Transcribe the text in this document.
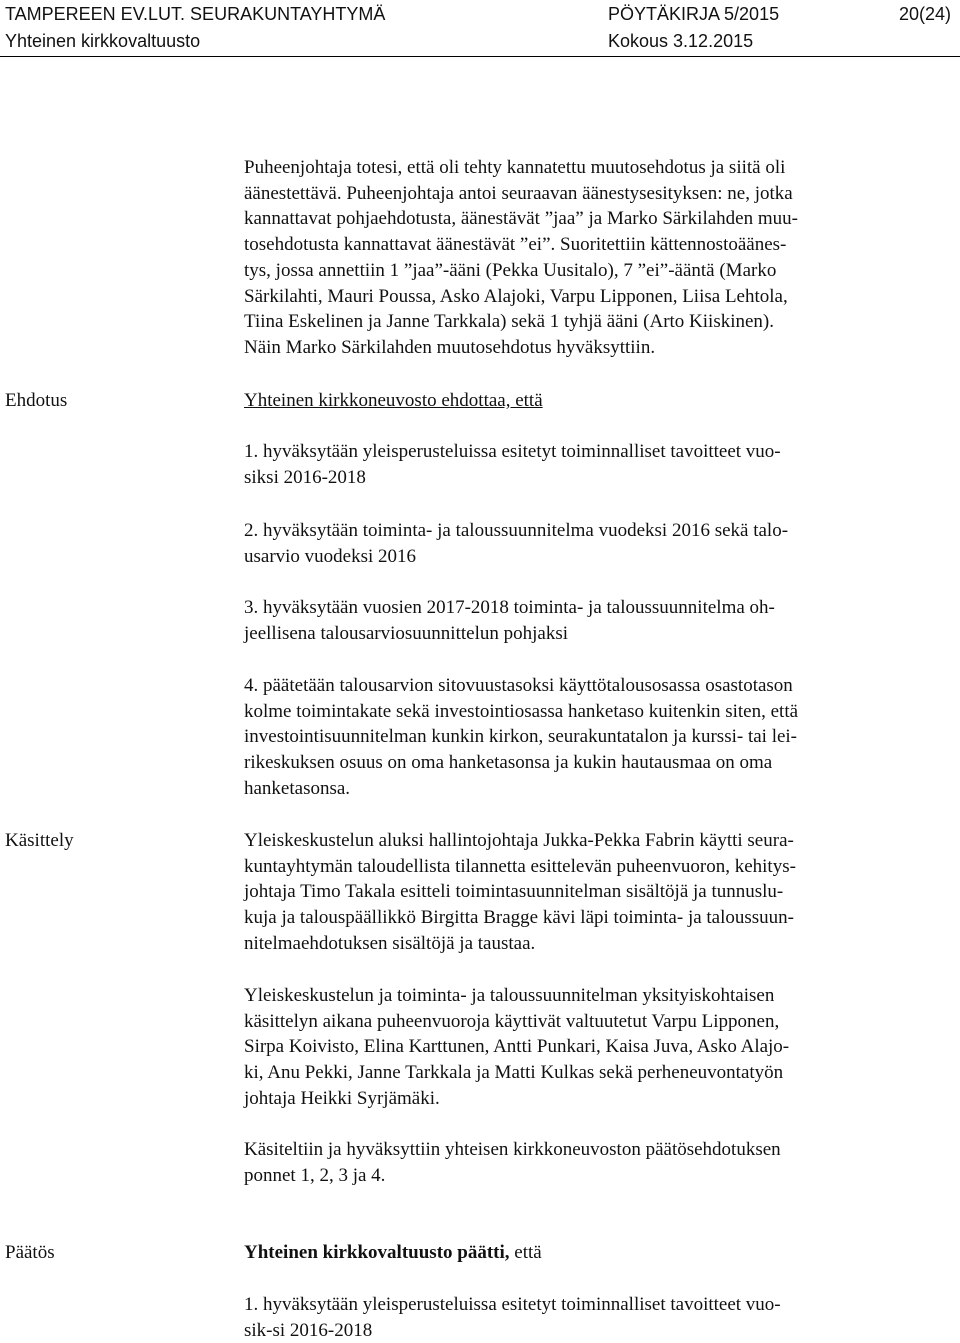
TAMPEREEN EV.LUT. SEURAKUNTAYHTYMÄ
Yhteinen kirkkovaltuusto
PÖYTÄKIRJA 5/2015
Kokous 3.12.2015
20(24)
Puheenjohtaja totesi, että oli tehty kannatettu muutosehdotus ja siitä oli
äänestettävä. Puheenjohtaja antoi seuraavan äänestysesityksen: ne, jotka
kannattavat pohjaehdotusta, äänestävät ”jaa” ja Marko Särkilahden muu-
tosehdotusta kannattavat äänestävät ”ei”. Suoritettiin kättennostoäänes-
tys, jossa annettiin 1 ”jaa”-ääni (Pekka Uusitalo), 7 ”ei”-ääntä (Marko
Särkilahti, Mauri Poussa, Asko Alajoki, Varpu Lipponen, Liisa Lehtola,
Tiina Eskelinen ja Janne Tarkkala) sekä 1 tyhjä ääni (Arto Kiiskinen).
Näin Marko Särkilahden muutosehdotus hyväksyttiin.
Ehdotus	Yhteinen kirkkoneuvosto ehdottaa, että
1. hyväksytään yleisperusteluissa esitetyt toiminnalliset tavoitteet vuo-
siksi 2016-2018
2. hyväksytään toiminta- ja taloussuunnitelma vuodeksi 2016 sekä talo-
usarvio vuodeksi 2016
3. hyväksytään vuosien 2017-2018 toiminta- ja taloussuunnitelma oh-
jeellisena talousarviosuunnittelun pohjaksi
4. päätetään talousarvion sitovuustasoksi käyttötalousosassa osastotason
kolme toimintakate sekä investointiosassa hanketaso kuitenkin siten, että
investointisuunnitelman kunkin kirkon, seurakuntatalon ja kurssi- tai lei-
rikeskuksen osuus on oma hanketasonsa ja kukin hautausmaa on oma
hanketasonsa.
Käsittely	Yleiskeskustelun aluksi hallintojohtaja Jukka-Pekka Fabrin käytti seura-
kuntayhtymän taloudellista tilannetta esittelevän puheenvuoron, kehitys-
johtaja Timo Takala esitteli toimintasuunnitelman sisältöjä ja tunnuslu-
kuja ja talouspäällikkö Birgitta Bragge kävi läpi toiminta- ja taloussuun-
nitelmaehdotuksen sisältöjä ja taustaa.
Yleiskeskustelun ja toiminta- ja taloussuunnitelman yksityiskohtaisen
käsittelyn aikana puheenvuoroja käyttivät valtuutetut Varpu Lipponen,
Sirpa Koivisto, Elina Karttunen, Antti Punkari, Kaisa Juva, Asko Alajo-
ki, Anu Pekki, Janne Tarkkala ja Matti Kulkas sekä perheneuvontatyön
johtaja Heikki Syrjämäki.
Käsiteltiin ja hyväksyttiin yhteisen kirkkoneuvoston päätösehdotuksen
ponnet 1, 2, 3 ja 4.
Päätös	Yhteinen kirkkovaltuusto päätti, että
1. hyväksytään yleisperusteluissa esitetyt toiminnalliset tavoitteet vuo-
sik-si 2016-2018
